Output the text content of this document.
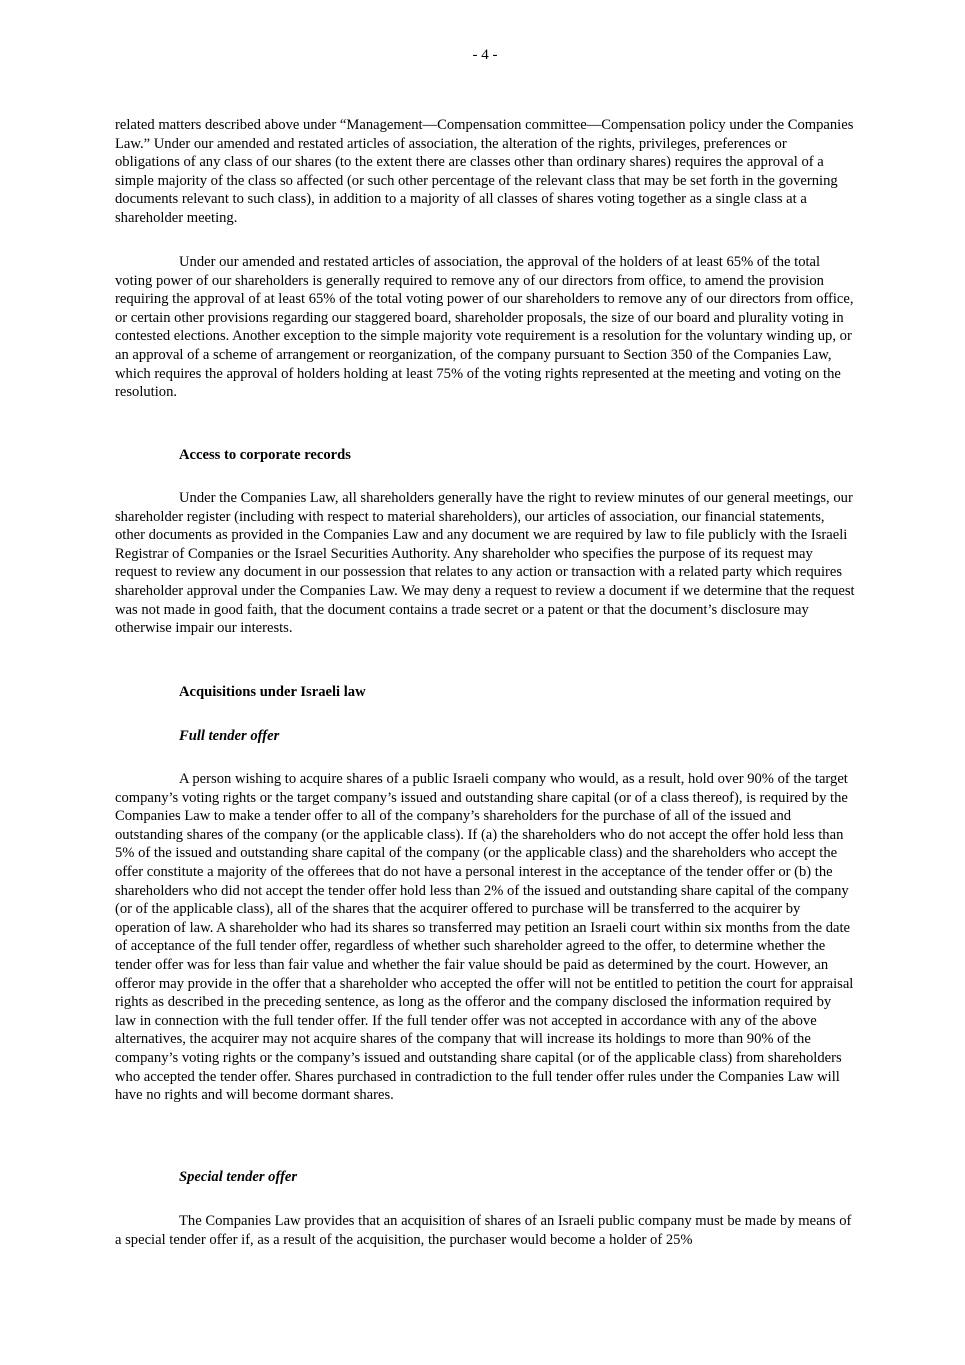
- 4 -

related matters described above under “Management—Compensation committee—Compensation policy under the Companies Law.” Under our amended and restated articles of association, the alteration of the rights, privileges, preferences or obligations of any class of our shares (to the extent there are classes other than ordinary shares) requires the approval of a simple majority of the class so affected (or such other percentage of the relevant class that may be set forth in the governing documents relevant to such class), in addition to a majority of all classes of shares voting together as a single class at a shareholder meeting.

Under our amended and restated articles of association, the approval of the holders of at least 65% of the total voting power of our shareholders is generally required to remove any of our directors from office, to amend the provision requiring the approval of at least 65% of the total voting power of our shareholders to remove any of our directors from office, or certain other provisions regarding our staggered board, shareholder proposals, the size of our board and plurality voting in contested elections. Another exception to the simple majority vote requirement is a resolution for the voluntary winding up, or an approval of a scheme of arrangement or reorganization, of the company pursuant to Section 350 of the Companies Law, which requires the approval of holders holding at least 75% of the voting rights represented at the meeting and voting on the resolution.

Access to corporate records

Under the Companies Law, all shareholders generally have the right to review minutes of our general meetings, our shareholder register (including with respect to material shareholders), our articles of association, our financial statements, other documents as provided in the Companies Law and any document we are required by law to file publicly with the Israeli Registrar of Companies or the Israel Securities Authority. Any shareholder who specifies the purpose of its request may request to review any document in our possession that relates to any action or transaction with a related party which requires shareholder approval under the Companies Law. We may deny a request to review a document if we determine that the request was not made in good faith, that the document contains a trade secret or a patent or that the document’s disclosure may otherwise impair our interests.

Acquisitions under Israeli law

Full tender offer

A person wishing to acquire shares of a public Israeli company who would, as a result, hold over 90% of the target company’s voting rights or the target company’s issued and outstanding share capital (or of a class thereof), is required by the Companies Law to make a tender offer to all of the company’s shareholders for the purchase of all of the issued and outstanding shares of the company (or the applicable class). If (a) the shareholders who do not accept the offer hold less than 5% of the issued and outstanding share capital of the company (or the applicable class) and the shareholders who accept the offer constitute a majority of the offerees that do not have a personal interest in the acceptance of the tender offer or (b) the shareholders who did not accept the tender offer hold less than 2% of the issued and outstanding share capital of the company (or of the applicable class), all of the shares that the acquirer offered to purchase will be transferred to the acquirer by operation of law. A shareholder who had its shares so transferred may petition an Israeli court within six months from the date of acceptance of the full tender offer, regardless of whether such shareholder agreed to the offer, to determine whether the tender offer was for less than fair value and whether the fair value should be paid as determined by the court. However, an offeror may provide in the offer that a shareholder who accepted the offer will not be entitled to petition the court for appraisal rights as described in the preceding sentence, as long as the offeror and the company disclosed the information required by law in connection with the full tender offer. If the full tender offer was not accepted in accordance with any of the above alternatives, the acquirer may not acquire shares of the company that will increase its holdings to more than 90% of the company’s voting rights or the company’s issued and outstanding share capital (or of the applicable class) from shareholders who accepted the tender offer. Shares purchased in contradiction to the full tender offer rules under the Companies Law will have no rights and will become dormant shares.

Special tender offer

The Companies Law provides that an acquisition of shares of an Israeli public company must be made by means of a special tender offer if, as a result of the acquisition, the purchaser would become a holder of 25%
